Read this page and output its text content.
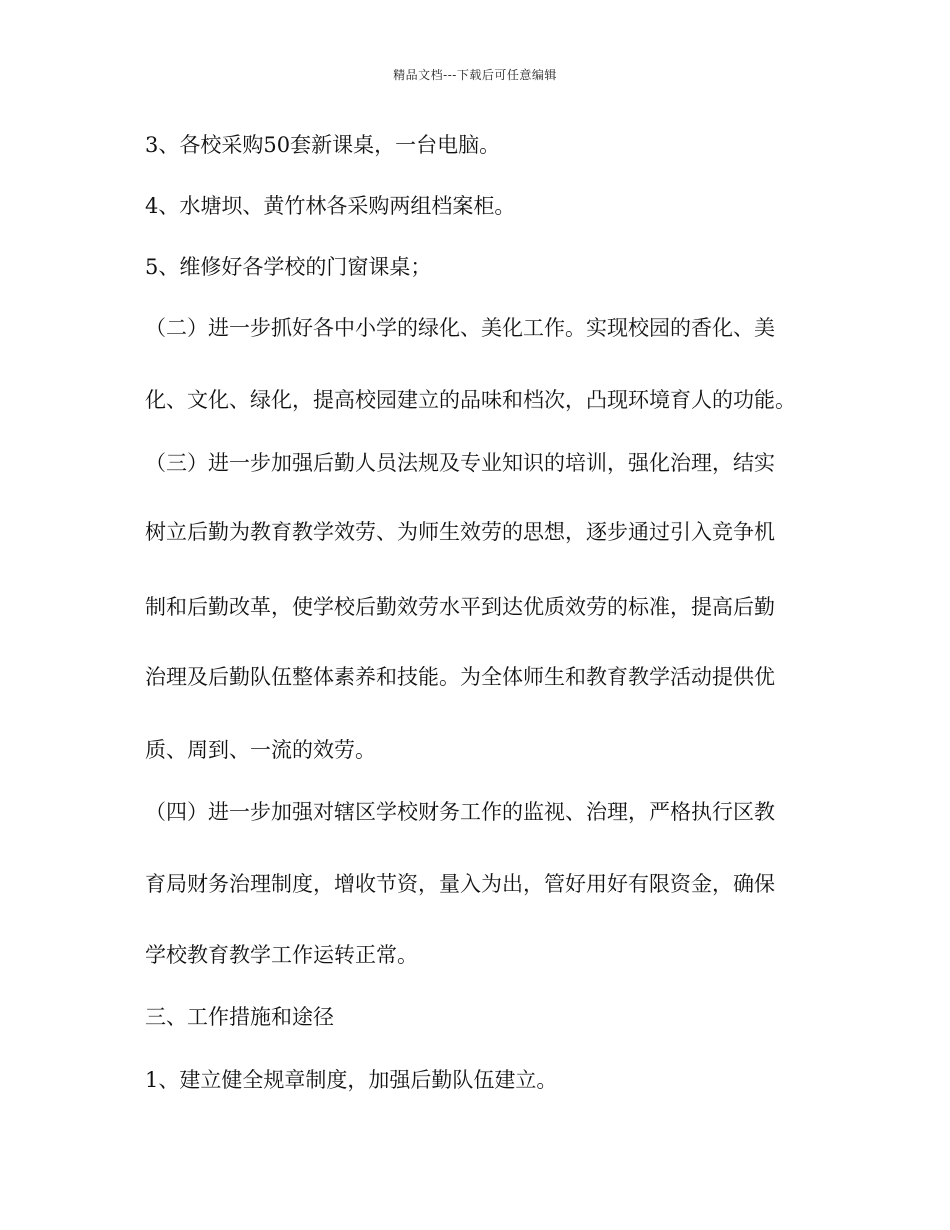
精品文档---下载后可任意编辑
3、各校采购50套新课桌，一台电脑。
4、水塘坝、黄竹林各采购两组档案柜。
5、维修好各学校的门窗课桌；
（二）进一步抓好各中小学的绿化、美化工作。实现校园的香化、美
化、文化、绿化，提高校园建立的品味和档次，凸现环境育人的功能。
（三）进一步加强后勤人员法规及专业知识的培训，强化治理，结实
树立后勤为教育教学效劳、为师生效劳的思想，逐步通过引入竞争机
制和后勤改革，使学校后勤效劳水平到达优质效劳的标准，提高后勤
治理及后勤队伍整体素养和技能。为全体师生和教育教学活动提供优
质、周到、一流的效劳。
（四）进一步加强对辖区学校财务工作的监视、治理，严格执行区教
育局财务治理制度，增收节资，量入为出，管好用好有限资金，确保
学校教育教学工作运转正常。
三、工作措施和途径
1、建立健全规章制度，加强后勤队伍建立。
